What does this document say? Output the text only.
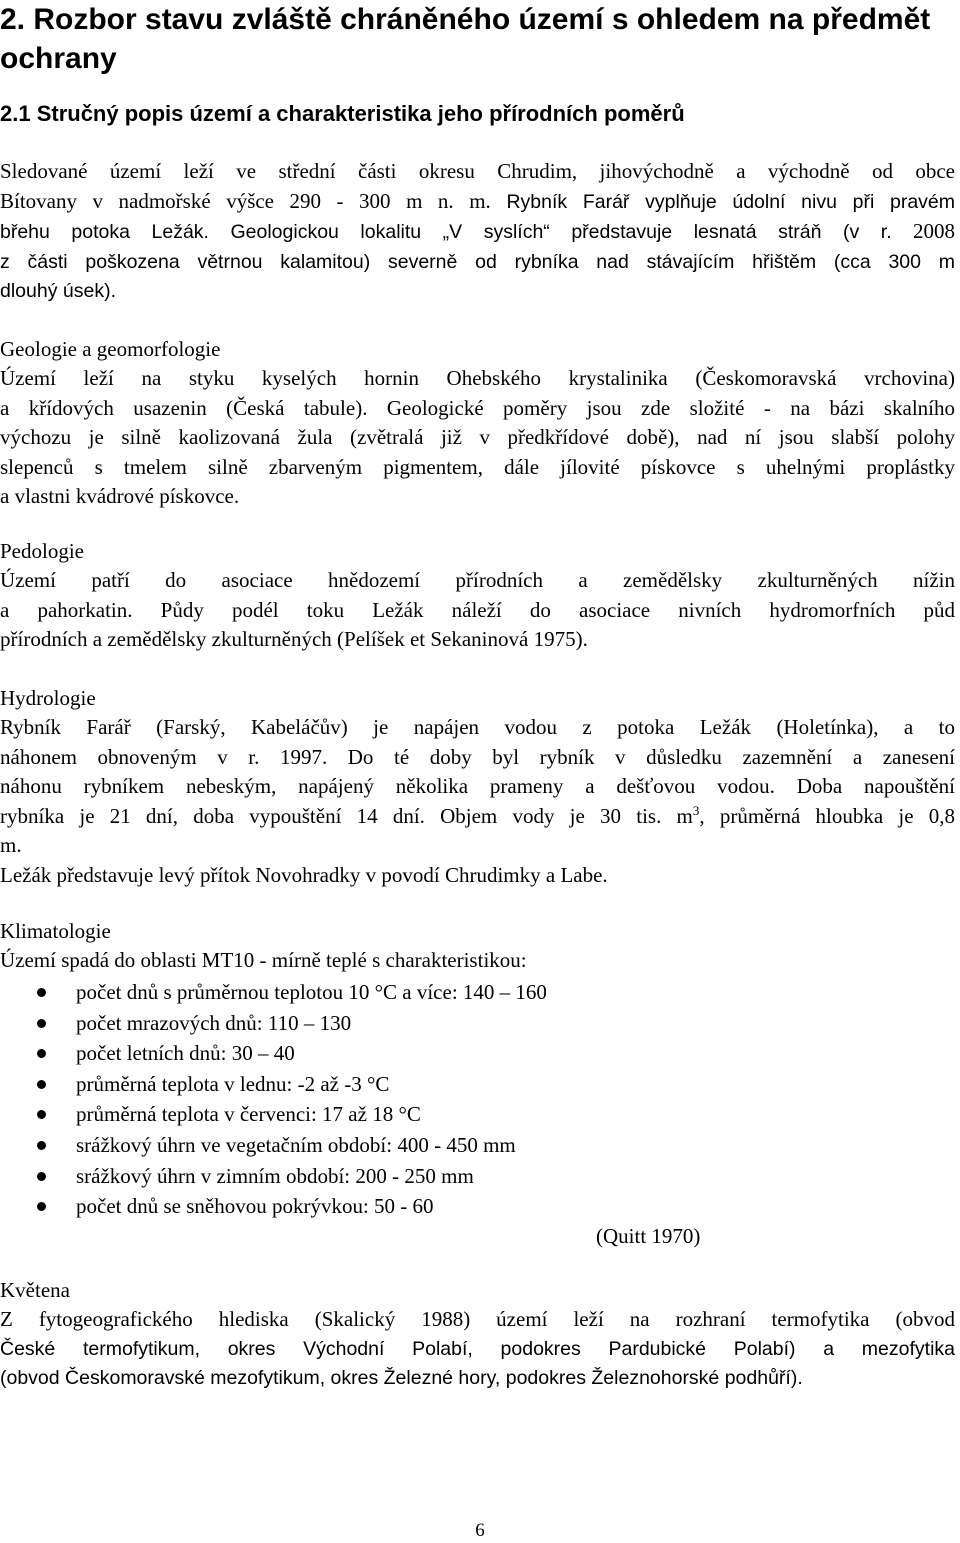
2. Rozbor stavu zvláště chráněného území s ohledem na předmět ochrany
2.1 Stručný popis území a charakteristika jeho přírodních poměrů
Sledované území leží ve střední části okresu Chrudim, jihovýchodně a východně od obce
Bítovany v nadmořské výšce 290 - 300 m n. m. Rybník Farář vyplňuje údolní nivu při pravém
břehu potoka Ležák. Geologickou lokalitu „V syslích“ představuje lesnatá stráň (v r. 2008
z části poškozena větrnou kalamitou) severně od rybníka nad stávajícím hřištěm (cca 300 m
dlouhý úsek).
Geologie a geomorfologie
Území leží na styku kyselých hornin Ohebského krystalinika (Českomoravská vrchovina)
a křídových usazenin (Česká tabule). Geologické poměry jsou zde složité - na bázi skalního
výchozu je silně kaolizovaná žula (zvětralá již v předkřídové době), nad ní jsou slabší polohy
slepenců s tmelem silně zbarveným pigmentem, dále jílovité pískovce s uhelnými proplástky
a vlastni kvádrové pískovce.
Pedologie
Území patří do asociace hnědozemí přírodních a zemědělsky zkulturněných nížin
a pahorkatin. Půdy podél toku Ležák náleží do asociace nivních hydromorfních půd
přírodních a zemědělsky zkulturněných (Pelíšek et Sekaninová 1975).
Hydrologie
Rybník Farář (Farský, Kabeláčův) je napájen vodou z potoka Ležák (Holetínka), a to
náhonem obnoveným v r. 1997. Do té doby byl rybník v důsledku zazemnění a zanesení
náhonu rybníkem nebeským, napájený několika prameny a dešťovou vodou. Doba napouštění
rybníka je 21 dní, doba vypouštění 14 dní. Objem vody je 30 tis. $m^3$, průměrná hloubka je 0,8
m.
Ležák představuje levý přítok Novohradky v povodí Chrudimky a Labe.
Klimatologie
Území spadá do oblasti MT10 - mírně teplé s charakteristikou:
počet dnů s průměrnou teplotou 10 °C a více: 140 – 160
počet mrazových dnů: 110 – 130
počet letních dnů: 30 – 40
průměrná teplota v lednu: -2 až -3 °C
průměrná teplota v červenci: 17 až 18 °C
srážkový úhrn ve vegetačním období: 400 - 450 mm
srážkový úhrn v zimním období: 200 - 250 mm
počet dnů se sněhovou pokrývkou: 50 - 60
(Quitt 1970)
Květena
Z fytogeografického hlediska (Skalický 1988) území leží na rozhraní termofytika (obvod
České termofytikum, okres Východní Polabí, podokres Pardubické Polabí) a mezofytika
(obvod Českomoravské mezofytikum, okres Železné hory, podokres Železnohorské podhůří).
6
